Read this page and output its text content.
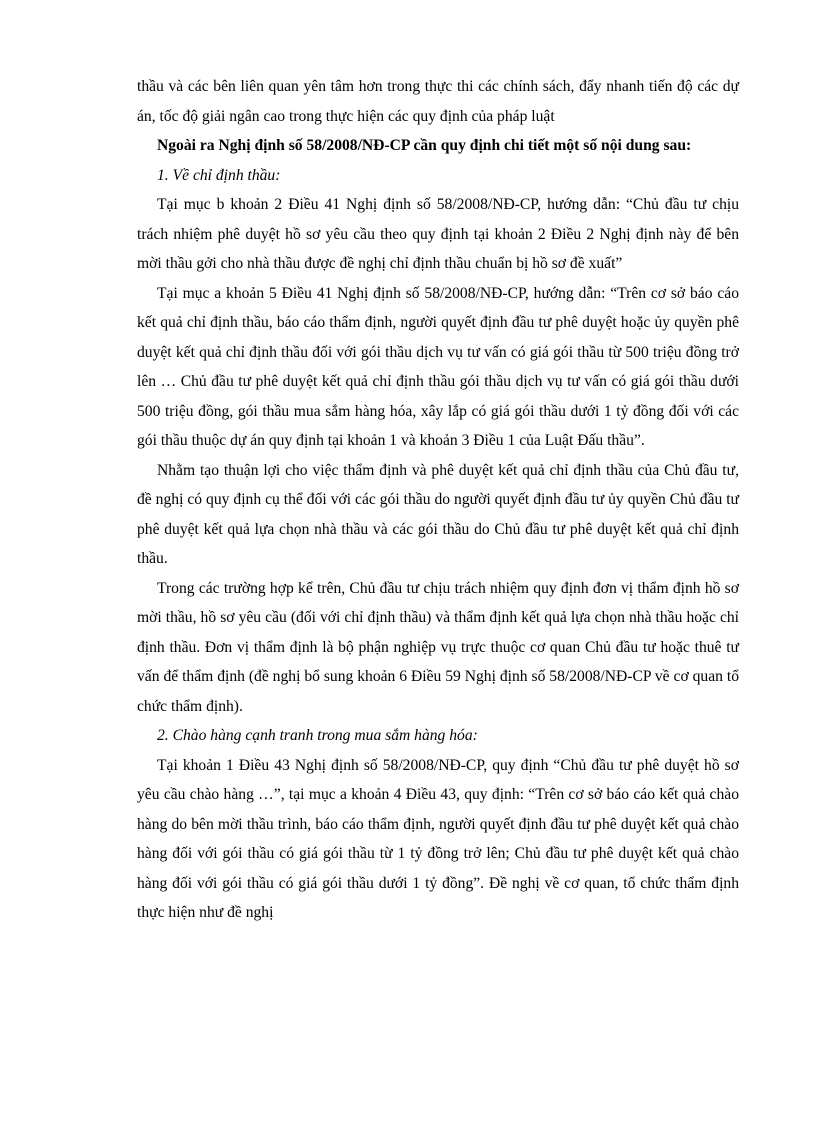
thầu và các bên liên quan yên tâm hơn trong thực thi các chính sách, đẩy nhanh tiến độ các dự án, tốc độ giải ngân cao trong thực hiện các quy định của pháp luật

Ngoài ra Nghị định số 58/2008/NĐ-CP cần quy định chi tiết một số nội dung sau:

1. Về chỉ định thầu:

Tại mục b khoản 2 Điều 41 Nghị định số 58/2008/NĐ-CP, hướng dẫn: “Chủ đầu tư chịu trách nhiệm phê duyệt hồ sơ yêu cầu theo quy định tại khoản 2 Điều 2 Nghị định này để bên mời thầu gởi cho nhà thầu được đề nghị chỉ định thầu chuẩn bị hồ sơ đề xuất”

Tại mục a khoản 5 Điều 41 Nghị định số 58/2008/NĐ-CP, hướng dẫn: “Trên cơ sở báo cáo kết quả chỉ định thầu, báo cáo thẩm định, người quyết định đầu tư phê duyệt hoặc ủy quyền phê duyệt kết quả chỉ định thầu đối với gói thầu dịch vụ tư vấn có giá gói thầu từ 500 triệu đồng trở lên … Chủ đầu tư phê duyệt kết quả chỉ định thầu gói thầu dịch vụ tư vấn có giá gói thầu dưới 500 triệu đồng, gói thầu mua sắm hàng hóa, xây lắp có giá gói thầu dưới 1 tỷ đồng đối với các gói thầu thuộc dự án quy định tại khoản 1 và khoản 3 Điều 1 của Luật Đấu thầu”.

Nhằm tạo thuận lợi cho việc thẩm định và phê duyệt kết quả chỉ định thầu của Chủ đầu tư, đề nghị có quy định cụ thể đối với các gói thầu do người quyết định đầu tư ủy quyền Chủ đầu tư phê duyệt kết quả lựa chọn nhà thầu và các gói thầu do Chủ đầu tư phê duyệt kết quả chỉ định thầu.

Trong các trường hợp kể trên, Chủ đầu tư chịu trách nhiệm quy định đơn vị thẩm định hồ sơ mời thầu, hồ sơ yêu cầu (đối với chỉ định thầu) và thẩm định kết quả lựa chọn nhà thầu hoặc chỉ định thầu. Đơn vị thẩm định là bộ phận nghiệp vụ trực thuộc cơ quan Chủ đầu tư hoặc thuê tư vấn để thẩm định (đề nghị bổ sung khoản 6 Điều 59 Nghị định số 58/2008/NĐ-CP về cơ quan tổ chức thẩm định).

2. Chào hàng cạnh tranh trong mua sắm hàng hóa:

Tại khoản 1 Điều 43 Nghị định số 58/2008/NĐ-CP, quy định “Chủ đầu tư phê duyệt hồ sơ yêu cầu chào hàng …”, tại mục a khoản 4 Điều 43, quy định: “Trên cơ sở báo cáo kết quả chào hàng do bên mời thầu trình, báo cáo thẩm định, người quyết định đầu tư phê duyệt kết quả chào hàng đối với gói thầu có giá gói thầu từ 1 tỷ đồng trở lên; Chủ đầu tư phê duyệt kết quả chào hàng đối với gói thầu có giá gói thầu dưới 1 tỷ đồng”. Đề nghị về cơ quan, tổ chức thẩm định thực hiện như đề nghị
